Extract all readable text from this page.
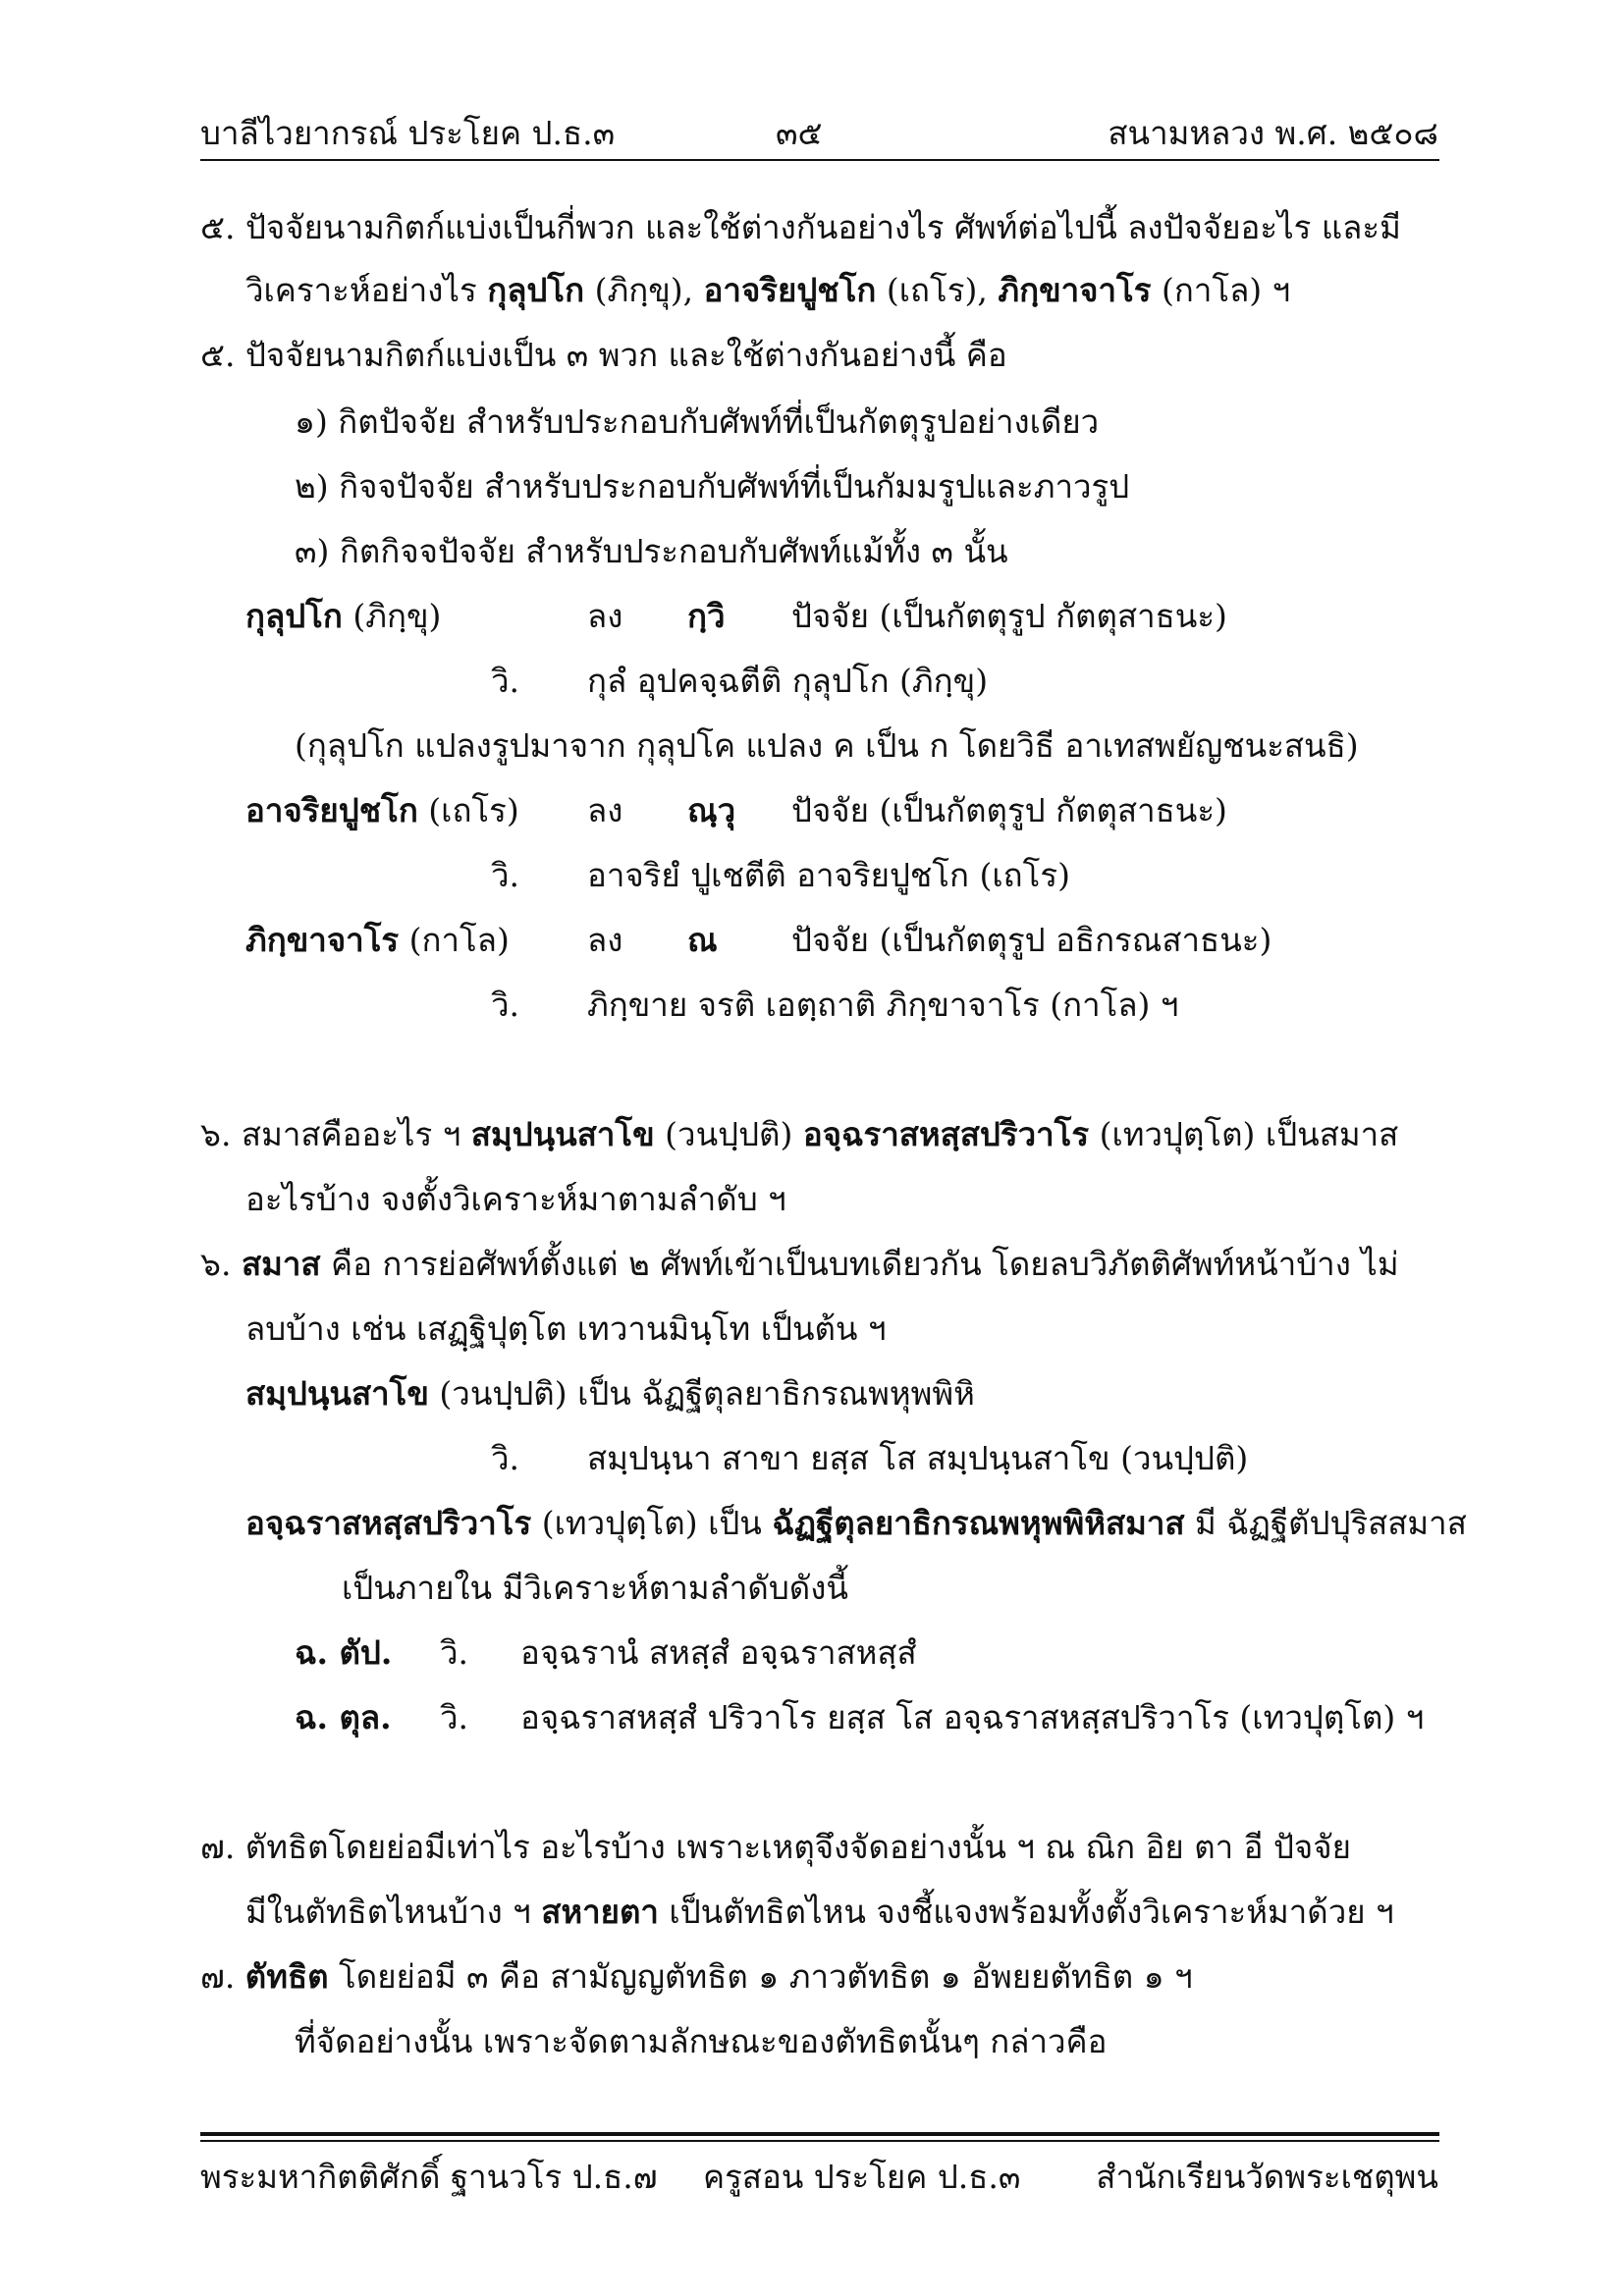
บาลีไวยากรณ์ ประโยค ป.ธ.๓	๓๕	สนามหลวง พ.ศ. ๒๕๐๘
๕. ปัจจัยนามกิตก์แบ่งเป็นกี่พวก และใช้ต่างกันอย่างไร ศัพท์ต่อไปนี้ ลงปัจจัยอะไร และมี
วิเคราะห์อย่างไร กุลุปโก (ภิกฺขุ), อาจริยปูชโก (เถโร), ภิกฺขาจาโร (กาโล) ฯ
๕. ปัจจัยนามกิตก์แบ่งเป็น ๓ พวก และใช้ต่างกันอย่างนี้ คือ
๑) กิตปัจจัย สำหรับประกอบกับศัพท์ที่เป็นกัตตุรูปอย่างเดียว
๒) กิจจปัจจัย สำหรับประกอบกับศัพท์ที่เป็นกัมมรูปและภาวรูป
๓) กิตกิจจปัจจัย สำหรับประกอบกับศัพท์แม้ทั้ง ๓ นั้น
กุลุปโก (ภิกฺขุ)	ลง กฺวิ ปัจจัย (เป็นกัตตุรูป กัตตุสาธนะ)
วิ. กุลํ อุปคจฺฉตีติ กุลุปโก (ภิกฺขุ)
(กุลุปโก แปลงรูปมาจาก กุลุปโค แปลง ค เป็น ก โดยวิธี อาเทสพยัญชนะสนธิ)
อาจริยปูชโก (เถโร) ลง ณฺวุ ปัจจัย (เป็นกัตตุรูป กัตตุสาธนะ)
วิ. อาจริยํ ปูเชตีติ อาจริยปูชโก (เถโร)
ภิกฺขาจาโร (กาโล) ลง ณ ปัจจัย (เป็นกัตตุรูป อธิกรณสาธนะ)
วิ. ภิกฺขาย จรติ เอตฺถาติ ภิกฺขาจาโร (กาโล) ฯ
๖. สมาสคืออะไร ฯ สมฺปนฺนสาโข (วนปฺปติ) อจฺฉราสหสฺสปริวาโร (เทวปุตฺโต) เป็นสมาส
อะไรบ้าง จงตั้งวิเคราะห์มาตามลำดับ ฯ
๖. สมาส คือ การย่อศัพท์ตั้งแต่ ๒ ศัพท์เข้าเป็นบทเดียวกัน โดยลบวิภัตติศัพท์หน้าบ้าง ไม่
ลบบ้าง เช่น เสฏฺฐิปุตฺโต เทวานมินฺโท เป็นต้น ฯ
สมฺปนฺนสาโข (วนปฺปติ) เป็น ฉัฏฐีตุลยาธิกรณพหุพพิหิ
วิ. สมฺปนฺนา สาขา ยสฺส โส สมฺปนฺนสาโข (วนปฺปติ)
อจฺฉราสหสฺสปริวาโร (เทวปุตฺโต) เป็น ฉัฏฐีตุลยาธิกรณพหุพพิหิสมาส มี ฉัฏฐีตัปปุริสสมาส
เป็นภายใน มีวิเคราะห์ตามลำดับดังนี้
ฉ. ตัป. วิ. อจฺฉรานํ สหสฺสํ อจฺฉราสหสฺสํ
ฉ. ตุล. วิ. อจฺฉราสหสฺสํ ปริวาโร ยสฺส โส อจฺฉราสหสฺสปริวาโร (เทวปุตฺโต) ฯ
๗. ตัทธิตโดยย่อมีเท่าไร อะไรบ้าง เพราะเหตุจึงจัดอย่างนั้น ฯ ณ ณิก อิย ตา อี ปัจจัย
มีในตัทธิตไหนบ้าง ฯ สหายตา เป็นตัทธิตไหน จงชี้แจงพร้อมทั้งตั้งวิเคราะห์มาด้วย ฯ
๗. ตัทธิต โดยย่อมี ๓ คือ สามัญญตัทธิต ๑ ภาวตัทธิต ๑ อัพยยตัทธิต ๑ ฯ
ที่จัดอย่างนั้น เพราะจัดตามลักษณะของตัทธิตนั้นๆ กล่าวคือ
พระมหากิตติศักดิ์ ฐานวโร ป.ธ.๗ ครูสอน ประโยค ป.ธ.๓ สำนักเรียนวัดพระเชตุพน
